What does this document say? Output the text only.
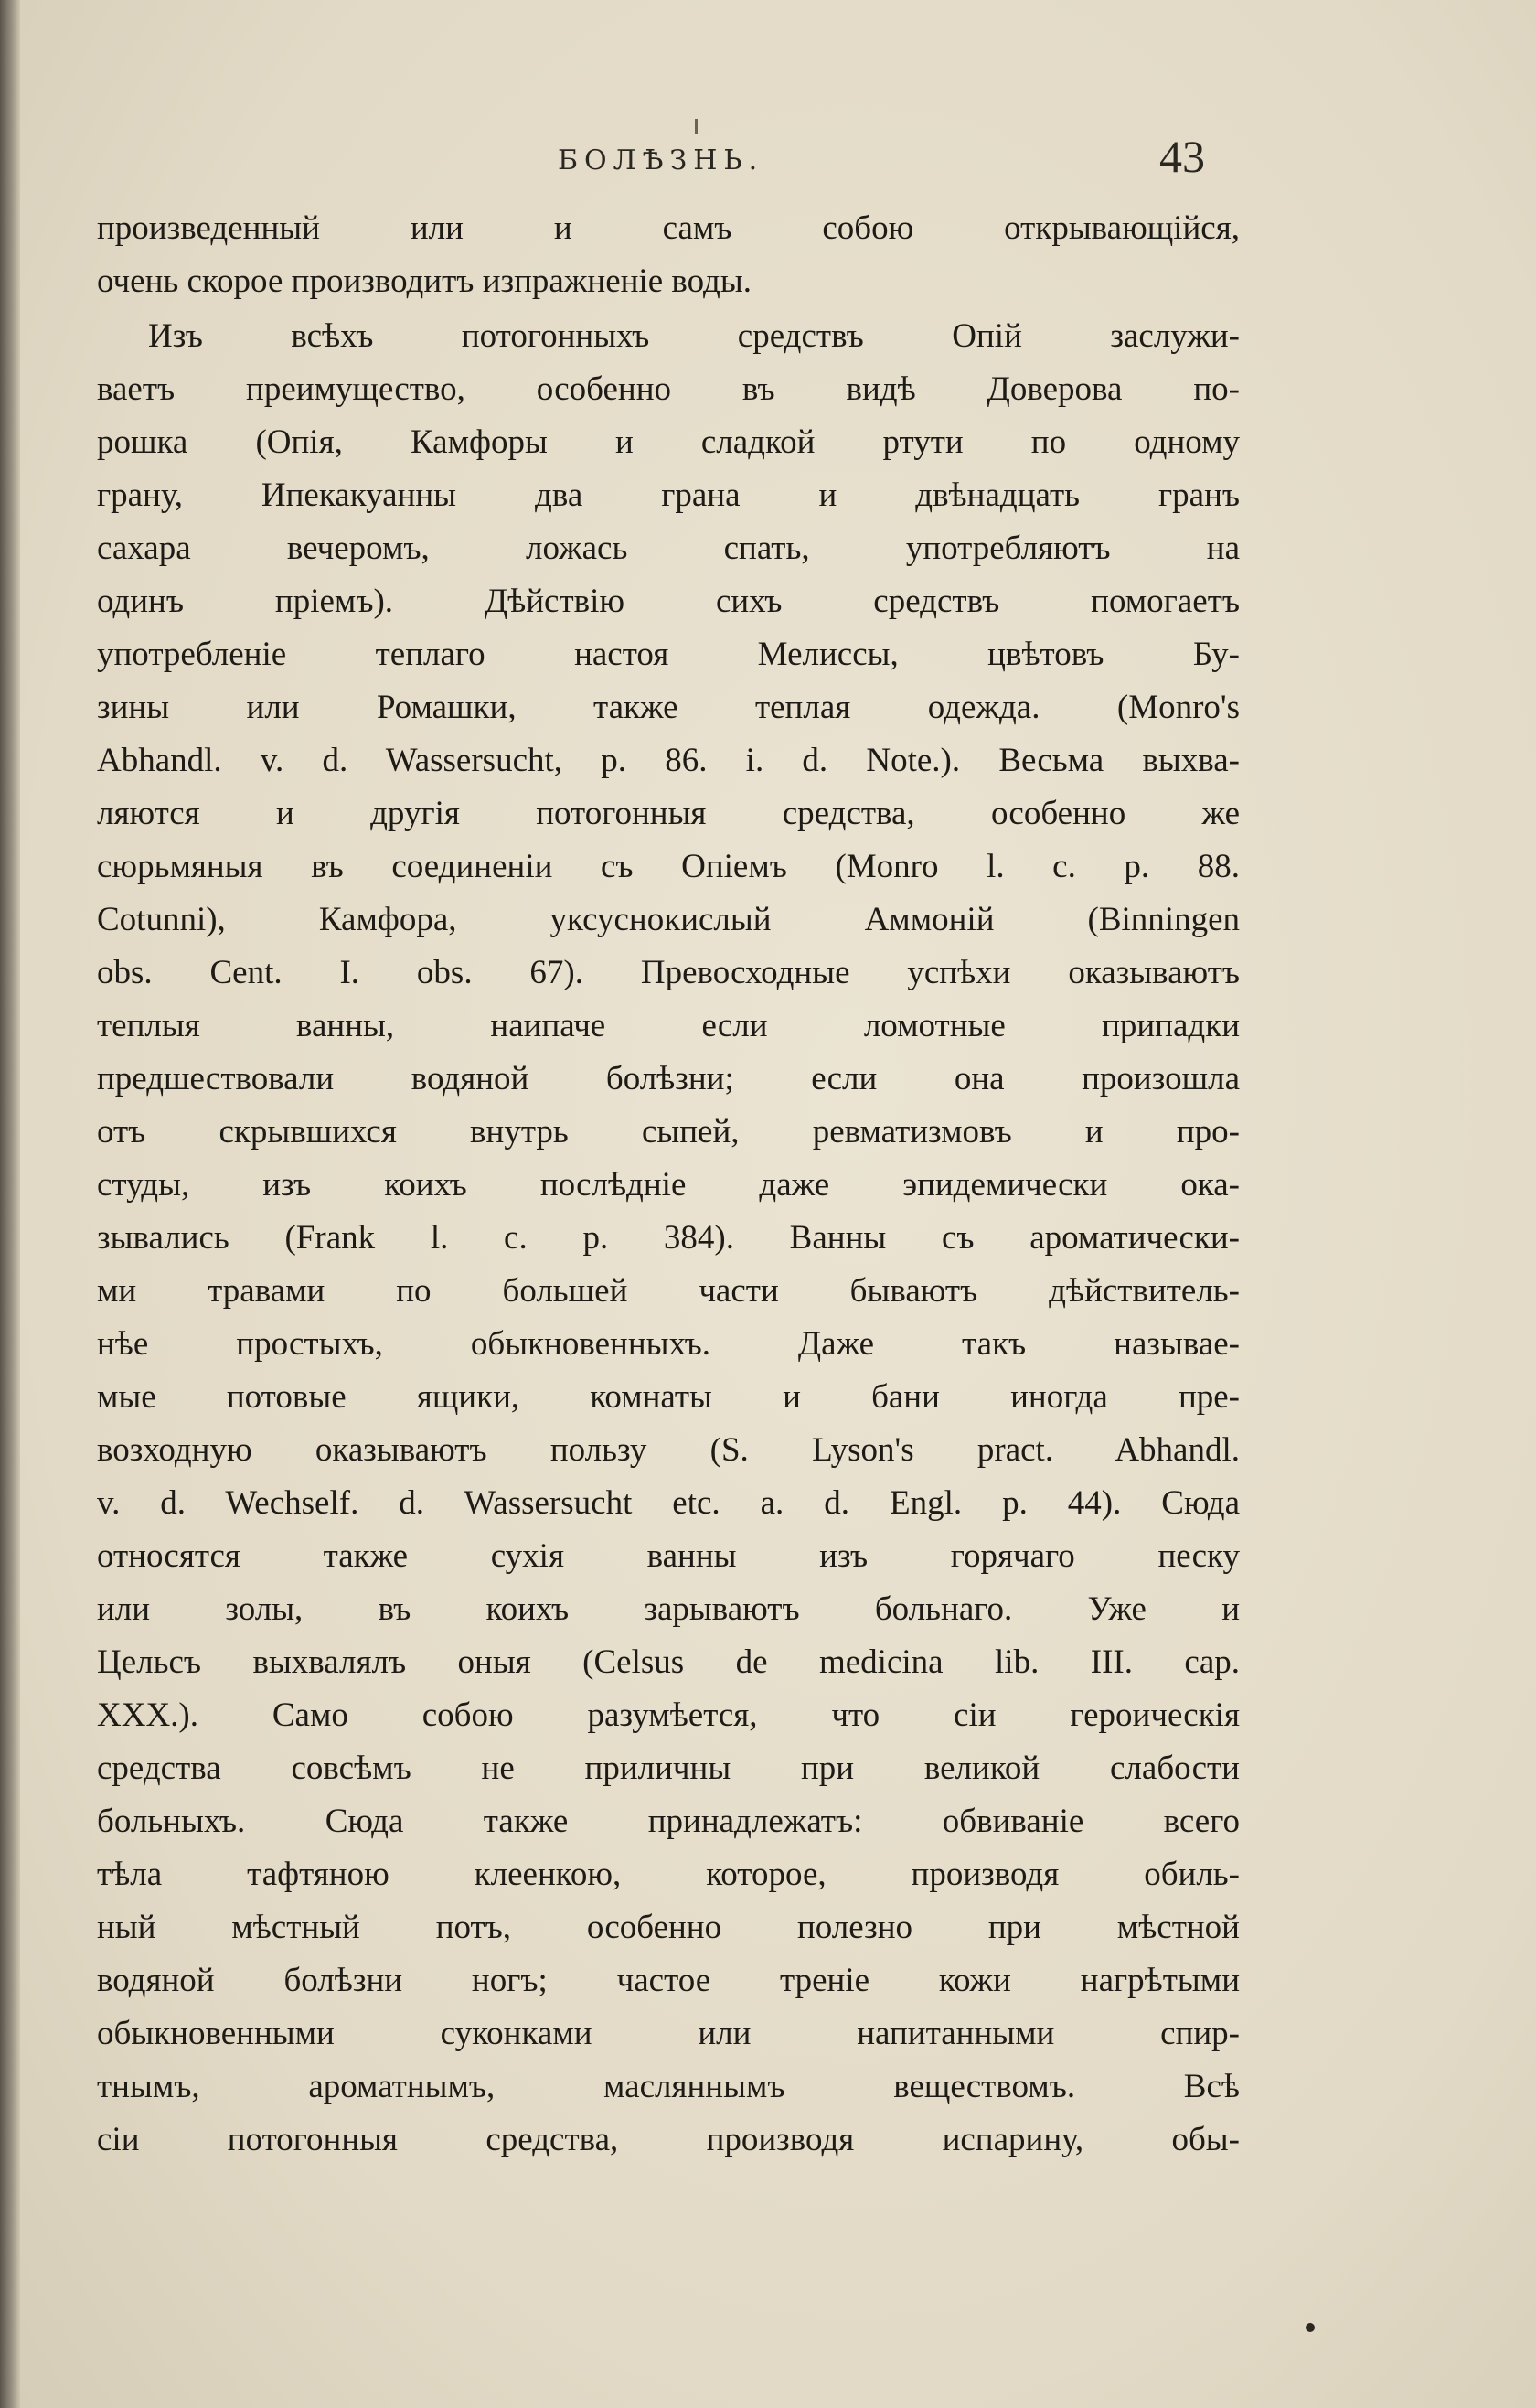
БОЛѢЗНЬ.	43
произведенный или и самъ собою открывающійся,
очень скорое производитъ изпражненіе воды.
Изъ всѣхъ потогонныхъ средствъ Опій заслужи-
ваетъ преимущество, особенно въ видѣ Доверова по-
рошка (Опія, Камфоры и сладкой ртути по одному
грану, Ипекакуанны два грана и двѣнадцать гранъ
сахара вечеромъ, ложась спать, употребляютъ на
одинъ пріемъ). Дѣйствію сихъ средствъ помогаетъ
употребленіе теплаго настоя Мелиссы, цвѣтовъ Бу-
зины или Ромашки, также теплая одежда. (Monro's
Abhandl. v. d. Wassersucht, p. 86. i. d. Note.). Весьма выхва-
ляются и другія потогонныя средства, особенно же
сюрьмяныя въ соединеніи съ Опіемъ (Monro l. c. p. 88.
Cotunni), Камфора, уксуснокислый Аммоній (Binningen
obs. Cent. I. obs. 67). Превосходные успѣхи оказываютъ
теплыя ванны, наипаче если ломотные припадки
предшествовали водяной болѣзни; если она произошла
отъ скрывшихся внутрь сыпей, ревматизмовъ и про-
студы, изъ коихъ послѣдніе даже эпидемически ока-
зывались (Frank l. c. p. 384). Ванны съ ароматически-
ми травами по большей части бываютъ дѣйствитель-
нѣе простыхъ, обыкновенныхъ. Даже такъ называе-
мые потовые ящики, комнаты и бани иногда пре-
возходную оказываютъ пользу (S. Lyson's pract. Abhandl.
v. d. Wechself. d. Wassersucht etc. a. d. Engl. p. 44). Сюда
относятся также сухія ванны изъ горячаго песку
или золы, въ коихъ зарываютъ больнаго. Уже и
Цельсъ выхвалялъ оныя (Celsus de medicina lib. III. cap.
XXX.). Само собою разумѣется, что сіи героическія
средства совсѣмъ не приличны при великой слабости
больныхъ. Сюда также принадлежатъ: обвиваніе всего
тѣла тафтяною клеенкою, которое, производя обиль-
ный мѣстный потъ, особенно полезно при мѣстной
водяной болѣзни ногъ; частое треніе кожи нагрѣтыми
обыкновенными суконками или напитанными спир-
тнымъ, ароматнымъ, масляннымъ веществомъ. Всѣ
сіи потогонныя средства, производя испарину, обы-
